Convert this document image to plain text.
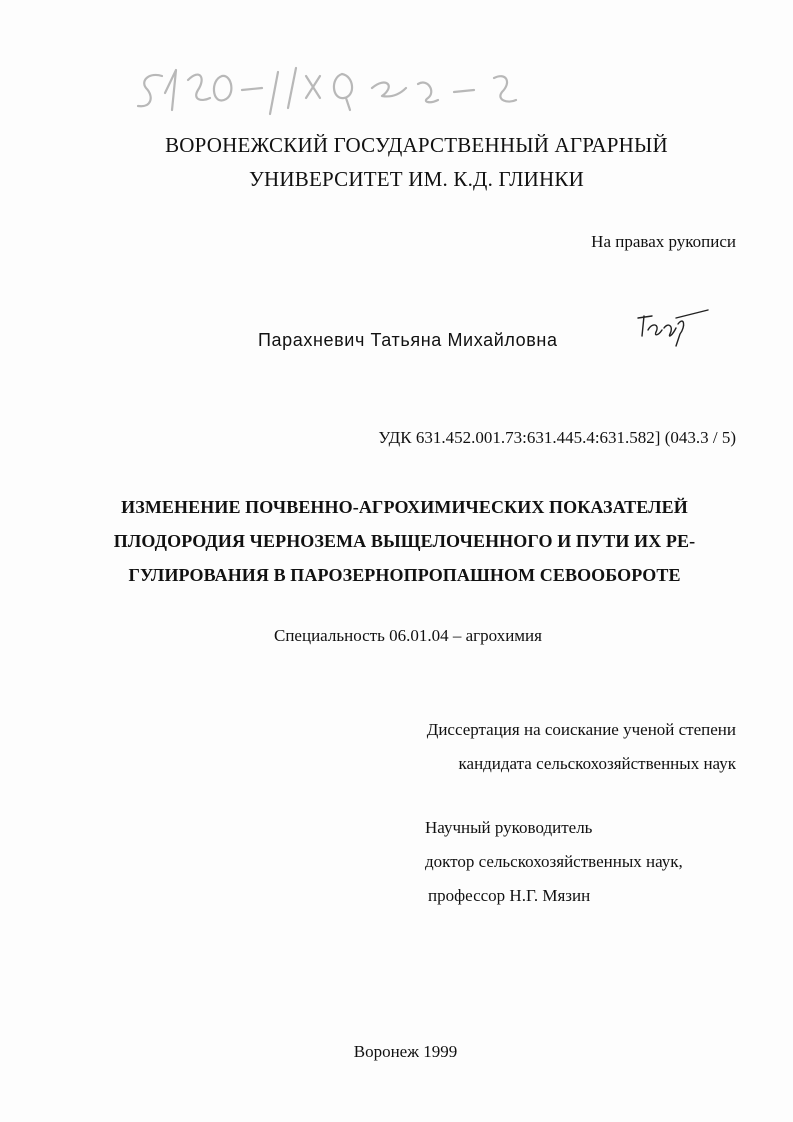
ВОРОНЕЖСКИЙ ГОСУДАРСТВЕННЫЙ АГРАРНЫЙ
УНИВЕРСИТЕТ ИМ. К.Д. ГЛИНКИ
На правах рукописи
Парахневич Татьяна Михайловна
УДК 631.452.001.73:631.445.4:631.582] (043.3 / 5)
ИЗМЕНЕНИЕ ПОЧВЕННО-АГРОХИМИЧЕСКИХ ПОКАЗАТЕЛЕЙ
ПЛОДОРОДИЯ ЧЕРНОЗЕМА ВЫЩЕЛОЧЕННОГО И ПУТИ ИХ РЕ-
ГУЛИРОВАНИЯ В ПАРОЗЕРНОПРОПАШНОМ СЕВООБОРОТЕ
Специальность 06.01.04 – агрохимия
Диссертация на соискание ученой степени
кандидата сельскохозяйственных наук
Научный руководитель
доктор сельскохозяйственных наук,
профессор Н.Г. Мязин
Воронеж 1999
